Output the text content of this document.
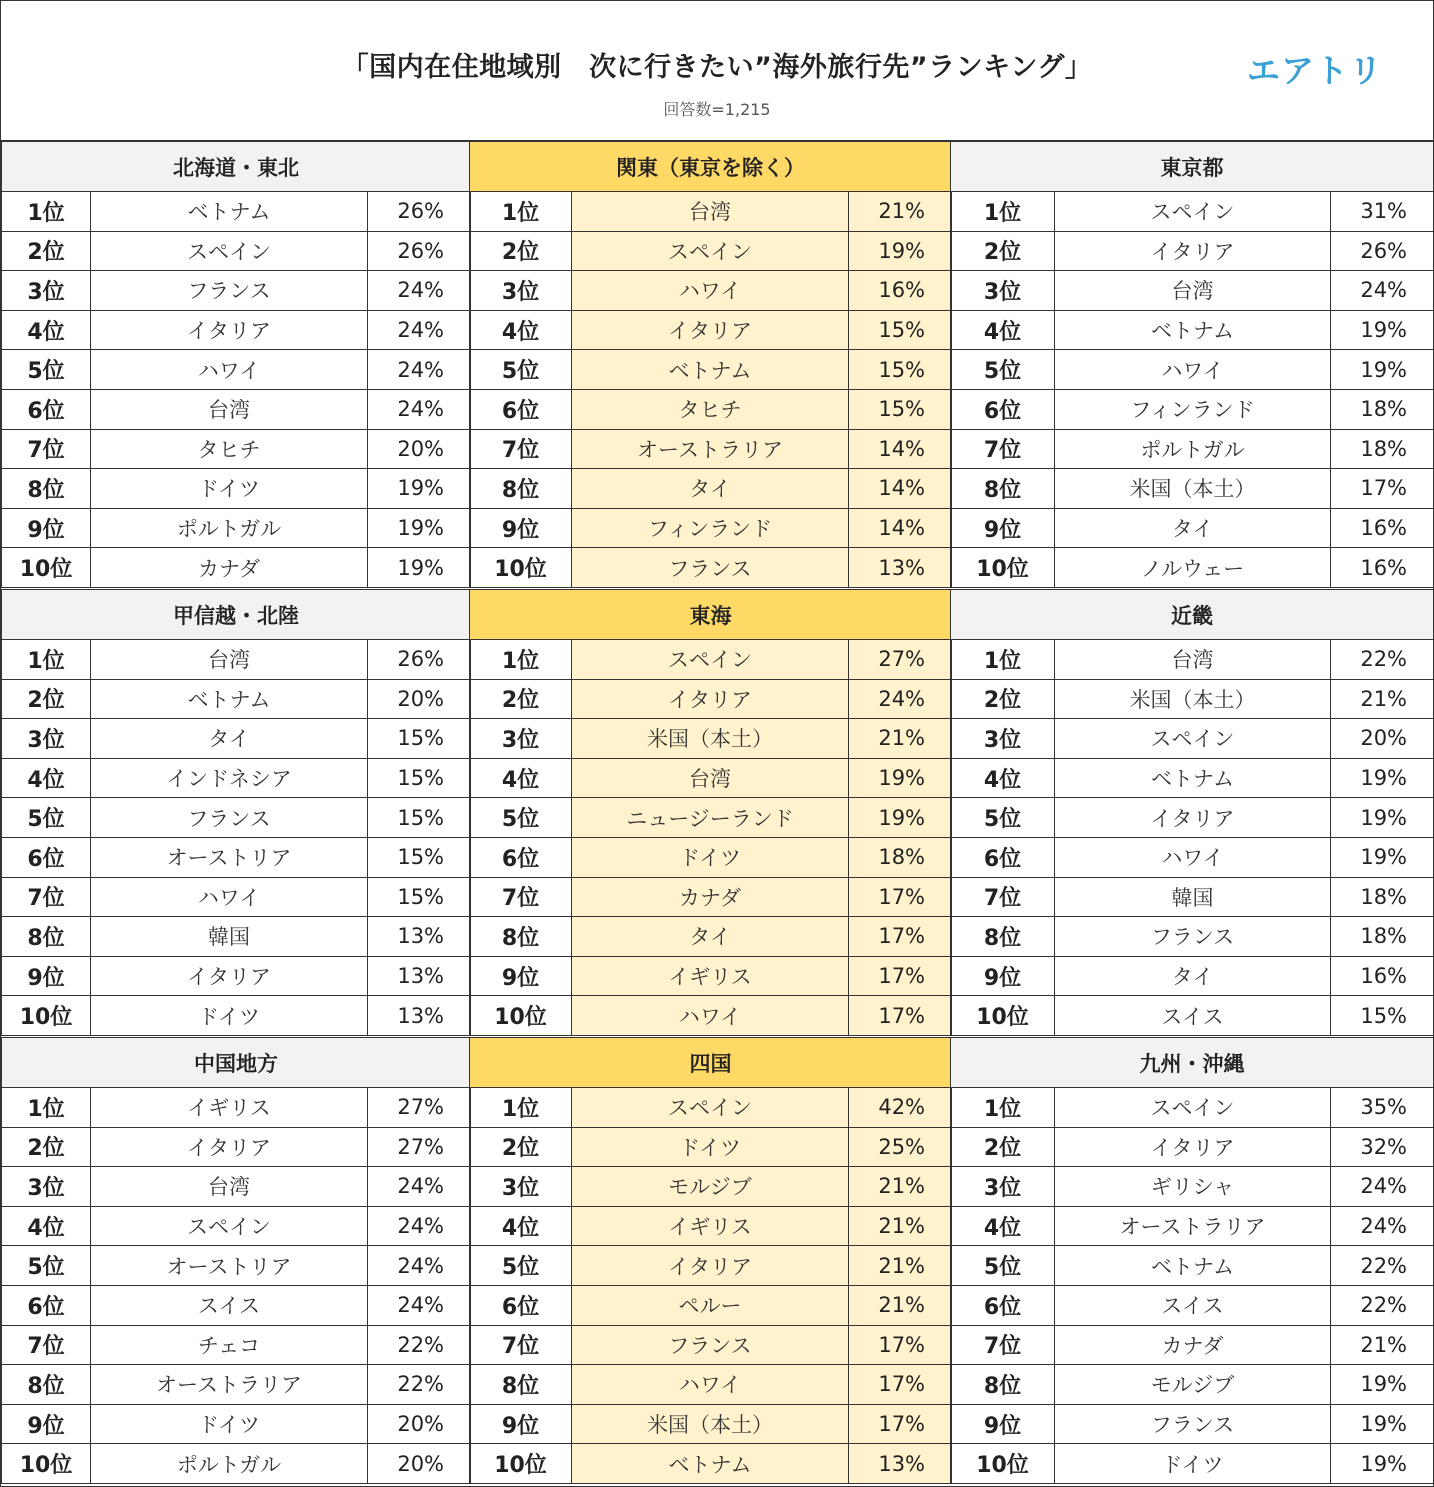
「国内在住地域別　次に行きたい”海外旅行先”ランキング」
回答数=1,215
エアトリ
北海道・東北		
1位	ベトナム	26%
2位	スペイン	26%
3位	フランス	24%
4位	イタリア	24%
5位	ハワイ	24%
6位	台湾	24%
7位	タヒチ	20%
8位	ドイツ	19%
9位	ポルトガル	19%
10位	カナダ	19%
関東（東京を除く）		
1位	台湾	21%
2位	スペイン	19%
3位	ハワイ	16%
4位	イタリア	15%
5位	ベトナム	15%
6位	タヒチ	15%
7位	オーストラリア	14%
8位	タイ	14%
9位	フィンランド	14%
10位	フランス	13%
東京都		
1位	スペイン	31%
2位	イタリア	26%
3位	台湾	24%
4位	ベトナム	19%
5位	ハワイ	19%
6位	フィンランド	18%
7位	ポルトガル	18%
8位	米国（本土）	17%
9位	タイ	16%
10位	ノルウェー	16%
甲信越・北陸		
1位	台湾	26%
2位	ベトナム	20%
3位	タイ	15%
4位	インドネシア	15%
5位	フランス	15%
6位	オーストリア	15%
7位	ハワイ	15%
8位	韓国	13%
9位	イタリア	13%
10位	ドイツ	13%
東海		
1位	スペイン	27%
2位	イタリア	24%
3位	米国（本土）	21%
4位	台湾	19%
5位	ニュージーランド	19%
6位	ドイツ	18%
7位	カナダ	17%
8位	タイ	17%
9位	イギリス	17%
10位	ハワイ	17%
近畿		
1位	台湾	22%
2位	米国（本土）	21%
3位	スペイン	20%
4位	ベトナム	19%
5位	イタリア	19%
6位	ハワイ	19%
7位	韓国	18%
8位	フランス	18%
9位	タイ	16%
10位	スイス	15%
中国地方		
1位	イギリス	27%
2位	イタリア	27%
3位	台湾	24%
4位	スペイン	24%
5位	オーストリア	24%
6位	スイス	24%
7位	チェコ	22%
8位	オーストラリア	22%
9位	ドイツ	20%
10位	ポルトガル	20%
四国		
1位	スペイン	42%
2位	ドイツ	25%
3位	モルジブ	21%
4位	イギリス	21%
5位	イタリア	21%
6位	ペルー	21%
7位	フランス	17%
8位	ハワイ	17%
9位	米国（本土）	17%
10位	ベトナム	13%
九州・沖縄		
1位	スペイン	35%
2位	イタリア	32%
3位	ギリシャ	24%
4位	オーストラリア	24%
5位	ベトナム	22%
6位	スイス	22%
7位	カナダ	21%
8位	モルジブ	19%
9位	フランス	19%
10位	ドイツ	19%
